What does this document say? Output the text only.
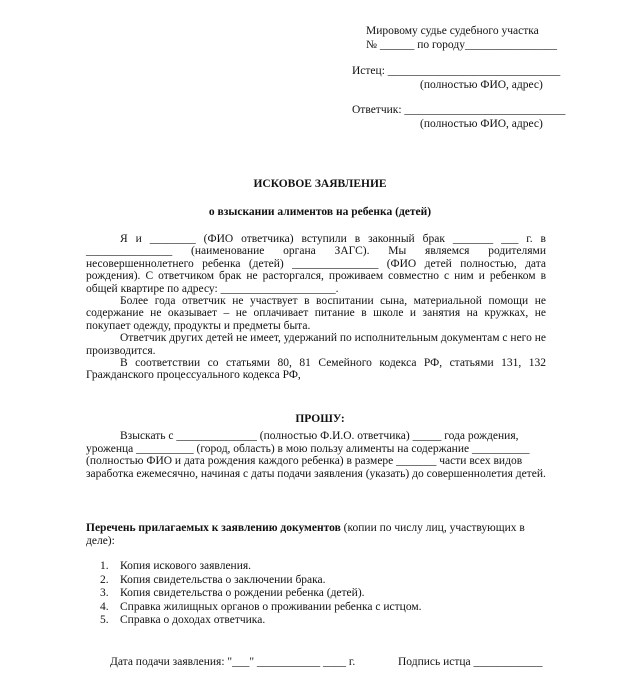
Мировому судье судебного участка
№ ______ по городу________________
Истец: ______________________________
(полностью ФИО, адрес)
Ответчик: ____________________________
(полностью ФИО, адрес)
ИСКОВОЕ ЗАЯВЛЕНИЕ
о взыскании алиментов на ребенка (детей)

Я и ________ (ФИО ответчика) вступили в законный брак _______ ___ г. в _______________ (наименование органа ЗАГС). Мы являемся родителями несовершеннолетнего ребенка (детей) _______________ (ФИО детей полностью, дата рождения). С ответчиком брак не расторгался, проживаем совместно с ним и ребенком в общей квартире по адресу: ____________________.

Более года ответчик не участвует в воспитании сына, материальной помощи не содержание не оказывает – не оплачивает питание в школе и занятия на кружках, не покупает одежду, продукты и предметы быта.

Ответчик других детей не имеет, удержаний по исполнительным документам с него не производится.

В соответствии со статьями 80, 81 Семейного кодекса РФ, статьями 131, 132 Гражданского процессуального кодекса РФ,

ПРОШУ:

Взыскать с ______________ (полностью Ф.И.О. ответчика) _____ года рождения, уроженца __________ (город, область) в мою пользу алименты на содержание __________ (полностью ФИО и дата рождения каждого ребенка) в размере _______ части всех видов заработка ежемесячно, начиная с даты подачи заявления (указать) до совершеннолетия детей.

Перечень прилагаемых к заявлению документов (копии по числу лиц, участвующих в деле):

1. Копия искового заявления.
2. Копия свидетельства о заключении брака.
3. Копия свидетельства о рождении ребенка (детей).
4. Справка жилищных органов о проживании ребенка с истцом.
5. Справка о доходах ответчика.
Дата подачи заявления: "___" ___________ ____ г.	Подпись истца ____________
